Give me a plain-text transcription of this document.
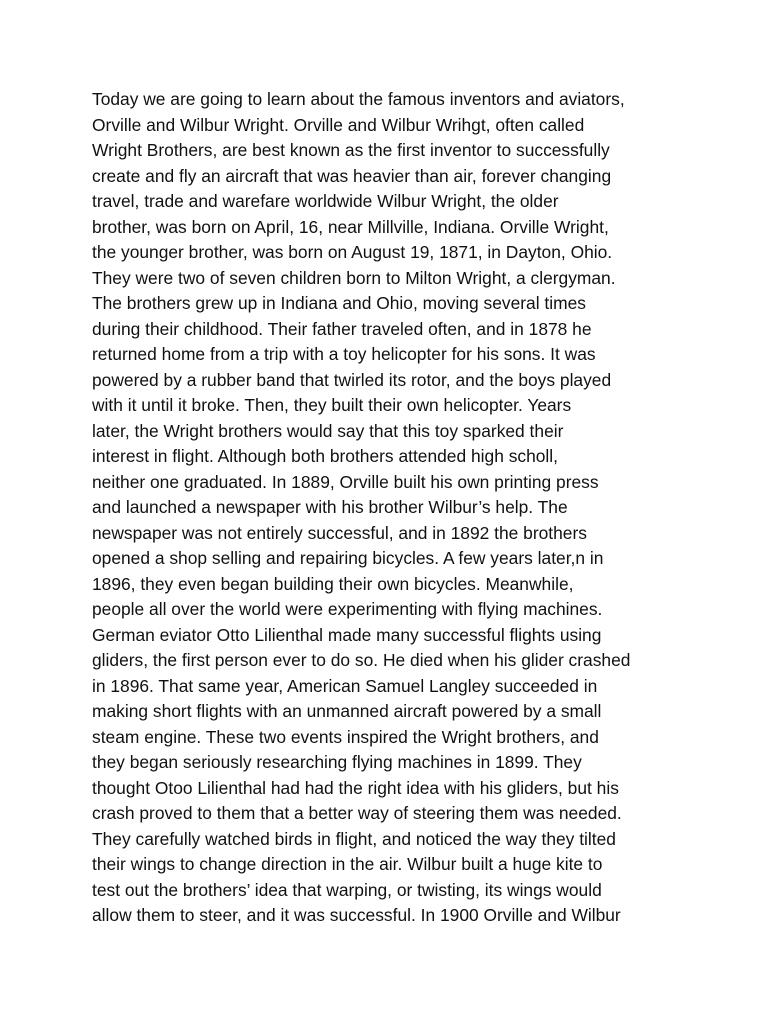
Today we are going to learn about the famous inventors and aviators,
Orville and Wilbur Wright. Orville and Wilbur Wrihgt, often called
Wright Brothers, are best known as the first inventor to successfully
create and fly an aircraft that was heavier than air, forever changing
travel, trade and warefare worldwide Wilbur Wright, the older
brother, was born on April, 16, near Millville, Indiana. Orville Wright,
the younger brother, was born on August 19, 1871, in Dayton, Ohio.
They were two of seven children born to Milton Wright, a clergyman.
The brothers grew up in Indiana and Ohio, moving several times
during their childhood. Their father traveled often, and in 1878 he
returned home from a trip with a toy helicopter for his sons. It was
powered by a rubber band that twirled its rotor, and the boys played
with it until it broke. Then, they built their own helicopter. Years
later, the Wright brothers would say that this toy sparked their
interest in flight. Although both brothers attended high scholl,
neither one graduated. In 1889, Orville built his own printing press
and launched a newspaper with his brother Wilbur’s help. The
newspaper was not entirely successful, and in 1892 the brothers
opened a shop selling and repairing bicycles. A few years later,n in
1896, they even began building their own bicycles. Meanwhile,
people all over the world were experimenting with flying machines.
German eviator Otto Lilienthal made many successful flights using
gliders, the first person ever to do so. He died when his glider crashed
in 1896. That same year, American Samuel Langley succeeded in
making short flights with an unmanned aircraft powered by a small
steam engine. These two events inspired the Wright brothers, and
they began seriously researching flying machines in 1899. They
thought Otoo Lilienthal had had the right idea with his gliders, but his
crash proved to them that a better way of steering them was needed.
They carefully watched birds in flight, and noticed the way they tilted
their wings to change direction in the air. Wilbur built a huge kite to
test out the brothers’ idea that warping, or twisting, its wings would
allow them to steer, and it was successful. In 1900 Orville and Wilbur
